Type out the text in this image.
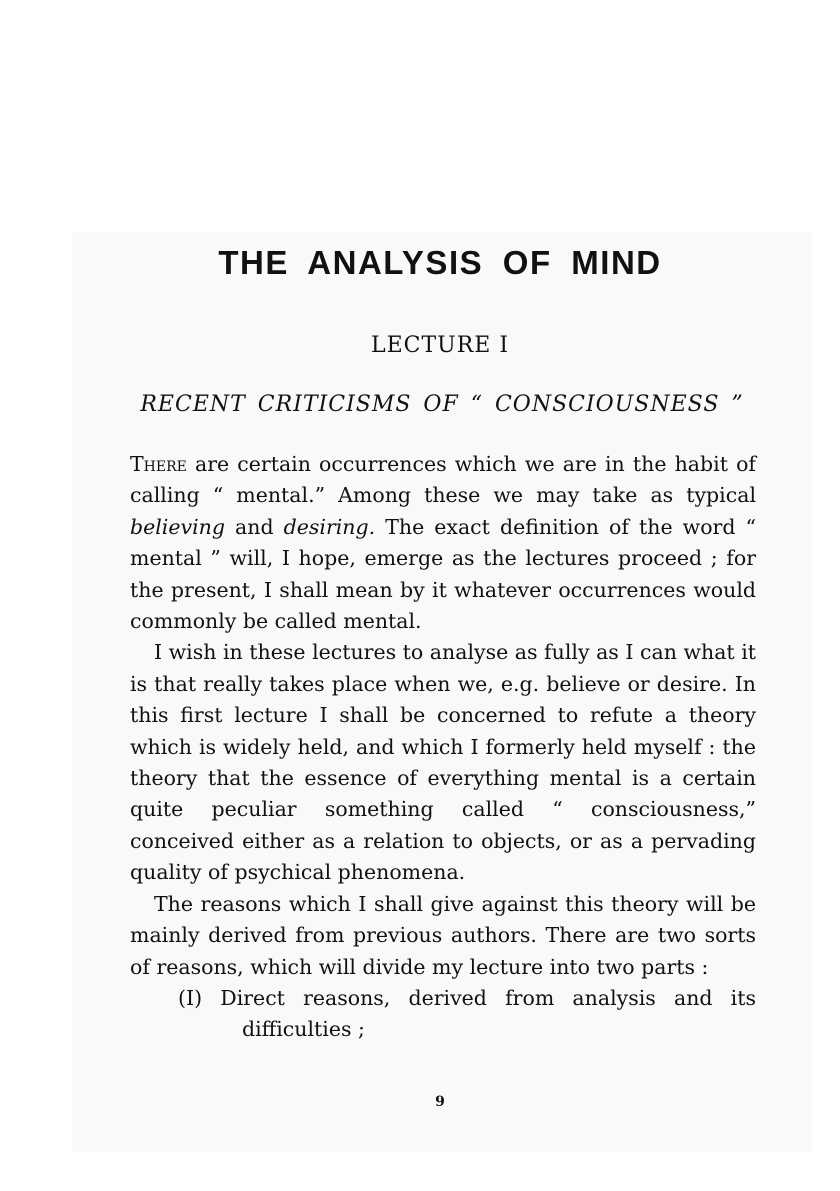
THE ANALYSIS OF MIND
LECTURE I
RECENT CRITICISMS OF “ CONSCIOUSNESS ”

There are certain occurrences which we are in the habit of calling “ mental.” Among these we may take as typical believing and desiring. The exact definition of the word “ mental ” will, I hope, emerge as the lectures proceed ; for the present, I shall mean by it whatever occurrences would commonly be called mental.

I wish in these lectures to analyse as fully as I can what it is that really takes place when we, e.g. believe or desire. In this first lecture I shall be concerned to refute a theory which is widely held, and which I formerly held myself : the theory that the essence of everything mental is a certain quite peculiar something called “ consciousness,” conceived either as a relation to objects, or as a pervading quality of psychical phenomena.

The reasons which I shall give against this theory will be mainly derived from previous authors. There are two sorts of reasons, which will divide my lecture into two parts :

(I) Direct reasons, derived from analysis and its difficulties ;

9
